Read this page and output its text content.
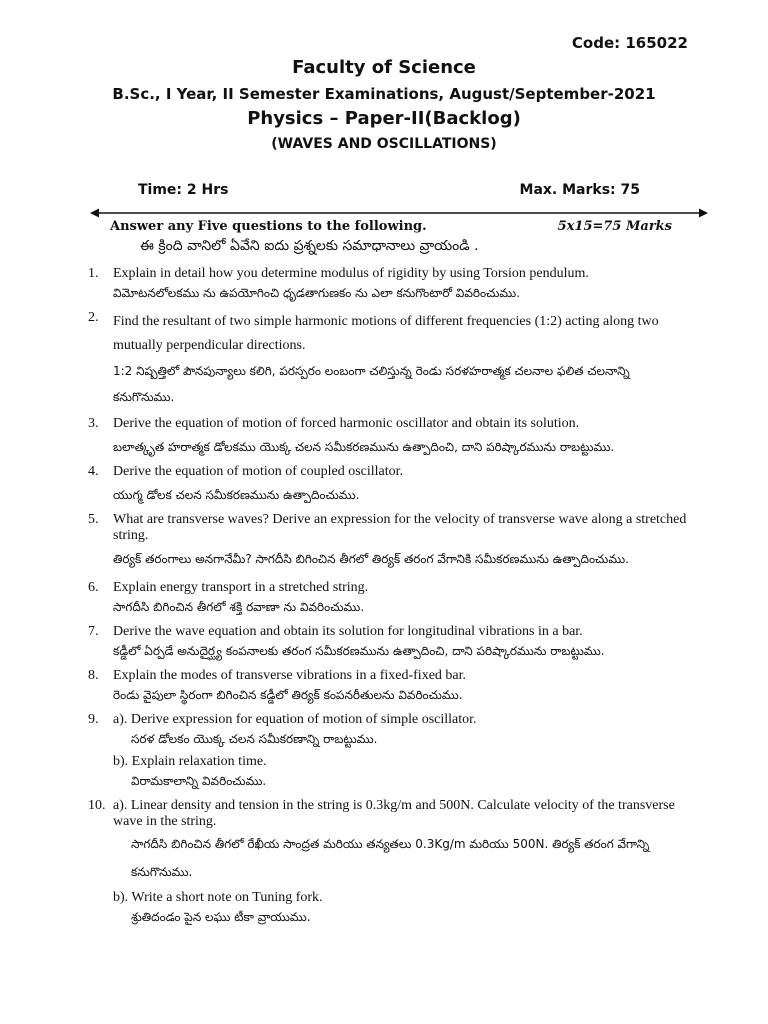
Code: 165022
Faculty of Science
B.Sc., I Year, II Semester Examinations, August/September-2021
Physics – Paper-II(Backlog)
(WAVES AND OSCILLATIONS)
Time: 2 Hrs	Max. Marks: 75
Answer any Five questions to the following.	5x15=75 Marks
ఈ క్రింది వానిలో ఏవేని ఐదు ప్రశ్నలకు సమాధానాలు వ్రాయండి .
1. Explain in detail how you determine modulus of rigidity by using Torsion pendulum.
విమోటనలోలకము ను ఉపయోగించి ధృడతాగుణకం ను ఎలా కనుగొంటారో వివరించుము.
2. Find the resultant of two simple harmonic motions of different frequencies (1:2) acting along two mutually perpendicular directions.
1:2 నిష్పత్తిలో పౌనపున్యాలు కలిగి, పరస్పరం లంబంగా చలిస్తున్న రెండు సరళహరాత్మక చలనాల ఫలిత చలనాన్ని కనుగొనుము.
3. Derive the equation of motion of forced harmonic oscillator and obtain its solution.
బలాత్కృత హరాత్మక డోలకము యొక్క చలన సమీకరణమును ఉత్పాదించి, దాని పరిష్కారమును రాబట్టుము.
4. Derive the equation of motion of coupled oscillator.
యుగ్మ డోలక చలన సమీకరణమును ఉత్పాదించుము.
5. What are transverse waves? Derive an expression for the velocity of transverse wave along a stretched string.
తిర్యక్ తరంగాలు అనగానేమీ? సాగదీసి బిగించిన తీగలో తిర్యక్ తరంగ వేగానికి సమీకరణమును ఉత్పాదించుము.
6. Explain energy transport in a stretched string.
సాగదీసి బిగించిన తీగలో శక్తి రవాణా ను వివరించుము.
7. Derive the wave equation and obtain its solution for longitudinal vibrations in a bar.
కడ్డీలో ఏర్పడే అనుదైర్ఘ్య కంపనాలకు తరంగ సమీకరణమును ఉత్పాదించి, దాని పరిష్కారమును రాబట్టుము.
8. Explain the modes of transverse vibrations in a fixed-fixed bar.
రెండు వైపులా స్థిరంగా బిగించిన కడ్డీలో తిర్యక్ కంపనరీతులను వివరించుము.
9. a). Derive expression for equation of motion of simple oscillator.
సరళ డోలకం యొక్క చలన సమీకరణాన్ని రాబట్టుము.
b). Explain relaxation time.
విరామకాలాన్ని వివరించుము.
10. a). Linear density and tension in the string is 0.3kg/m and 500N. Calculate velocity of the transverse wave in the string.
సాగదీసి బిగించిన తీగలో రేఖీయ సాంద్రత మరియు తన్యతలు 0.3Kg/m మరియు 500N. తిర్యక్ తరంగ వేగాన్ని కనుగొనుము.
b). Write a short note on Tuning fork.
శ్రుతిదండం పైన లఘు టీకా వ్రాయుము.
